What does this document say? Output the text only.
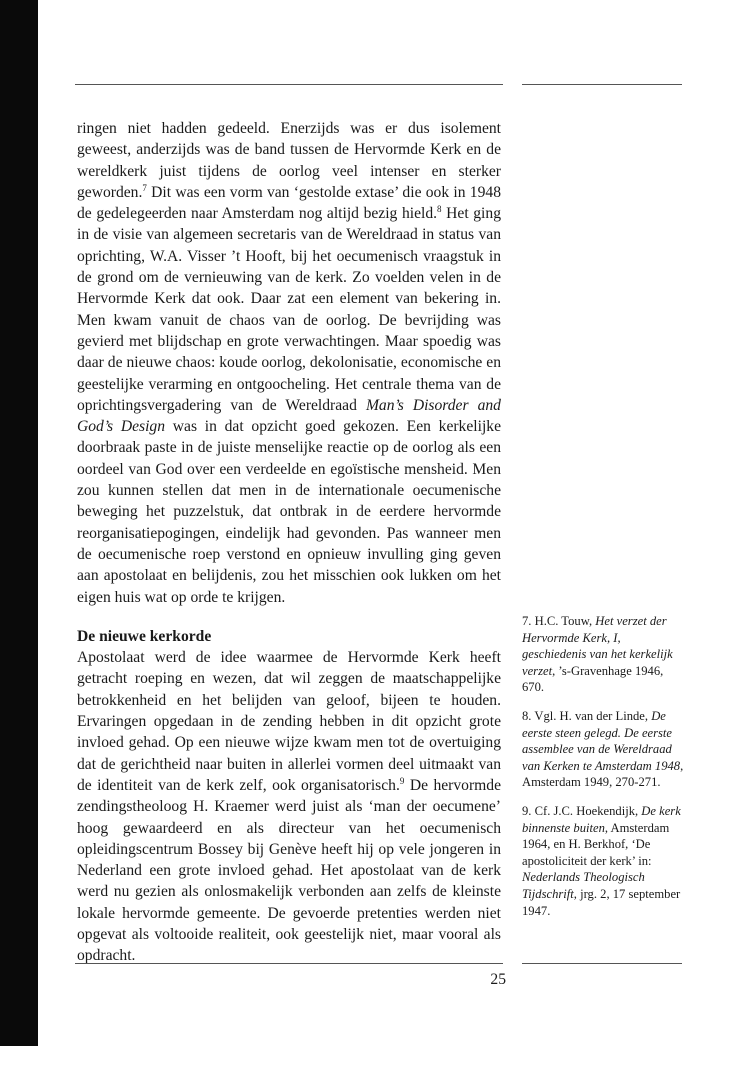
ringen niet hadden gedeeld. Enerzijds was er dus isolement geweest, anderzijds was de band tussen de Hervormde Kerk en de wereldkerk juist tijdens de oorlog veel intenser en sterker geworden.$^7$ Dit was een vorm van ‘gestolde extase’ die ook in 1948 de gedelegeerden naar Amsterdam nog altijd bezig hield.$^8$ Het ging in de visie van algemeen secretaris van de Wereldraad in status van oprichting, W.A. Visser ’t Hooft, bij het oecumenisch vraagstuk in de grond om de vernieuwing van de kerk. Zo voelden velen in de Hervormde Kerk dat ook. Daar zat een element van bekering in. Men kwam vanuit de chaos van de oorlog. De bevrijding was gevierd met blijdschap en grote verwachtingen. Maar spoedig was daar de nieuwe chaos: koude oorlog, dekolonisatie, economische en geestelijke verarming en ontgoocheling. Het centrale thema van de oprichtingsvergadering van de Wereldraad Man’s Disorder and God’s Design was in dat opzicht goed gekozen. Een kerkelijke doorbraak paste in de juiste menselijke reactie op de oorlog als een oordeel van God over een verdeelde en egoïstische mensheid. Men zou kunnen stellen dat men in de internationale oecumenische beweging het puzzelstuk, dat ontbrak in de eerdere hervormde reorganisatiepogingen, eindelijk had gevonden. Pas wanneer men de oecumenische roep verstond en opnieuw invulling ging geven aan apostolaat en belijdenis, zou het misschien ook lukken om het eigen huis wat op orde te krijgen.

De nieuwe kerkorde

Apostolaat werd de idee waarmee de Hervormde Kerk heeft getracht roeping en wezen, dat wil zeggen de maatschappelijke betrokkenheid en het belijden van geloof, bijeen te houden. Ervaringen opgedaan in de zending hebben in dit opzicht grote invloed gehad. Op een nieuwe wijze kwam men tot de overtuiging dat de gerichtheid naar buiten in allerlei vormen deel uitmaakt van de identiteit van de kerk zelf, ook organisatorisch.$^9$ De hervormde zendingstheoloog H. Kraemer werd juist als ‘man der oecumene’ hoog gewaardeerd en als directeur van het oecumenisch opleidingscentrum Bossey bij Genève heeft hij op vele jongeren in Nederland een grote invloed gehad. Het apostolaat van de kerk werd nu gezien als onlosmakelijk verbonden aan zelfs de kleinste lokale hervormde gemeente. De gevoerde pretenties werden niet opgevat als voltooide realiteit, ook geestelijk niet, maar vooral als opdracht.

7. H.C. Touw, Het verzet der Hervormde Kerk, I, geschiedenis van het kerkelijk verzet, ’s-Gravenhage 1946, 670.

8. Vgl. H. van der Linde, De eerste steen gelegd. De eerste assemblee van de Wereldraad van Kerken te Amsterdam 1948, Amsterdam 1949, 270-271.

9. Cf. J.C. Hoekendijk, De kerk binnenste buiten, Amsterdam 1964, en H. Berkhof, ‘De apostoliciteit der kerk’ in: Nederlands Theologisch Tijdschrift, jrg. 2, 17 september 1947.

25
